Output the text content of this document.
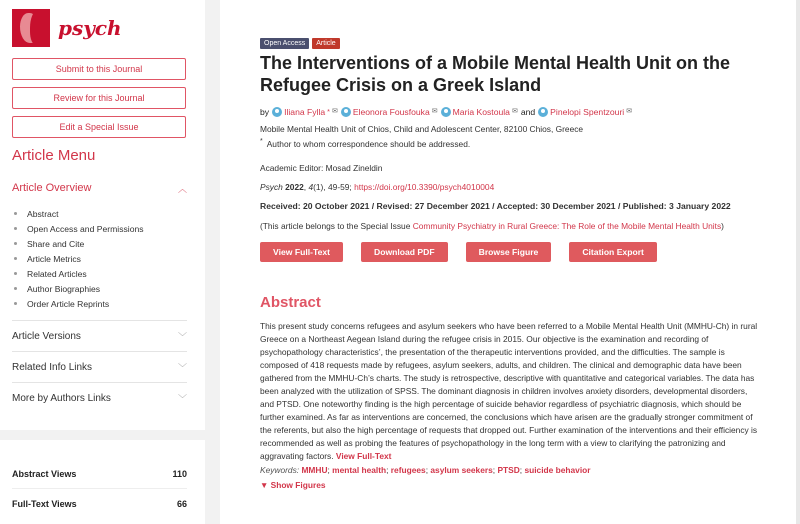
psych
Submit to this Journal
Review for this Journal
Edit a Special Issue
Article Menu
Article Overview	︿
Abstract
Open Access and Permissions
Share and Cite
Article Metrics
Related Articles
Author Biographies
Order Article Reprints
Article Versions	﹀
Related Info Links	﹀
More by Authors Links	﹀
Abstract Views	110
Full-Text Views	66
Open Access	Article
The Interventions of a Mobile Mental Health Unit on the Refugee Crisis on a Greek Island
by Iliana Fylla * ✉ Eleonora Fousfouka ✉ Maria Kostoula ✉ and Pinelopi Spentzouri ✉
Mobile Mental Health Unit of Chios, Child and Adolescent Center, 82100 Chios, Greece
* Author to whom correspondence should be addressed.
Academic Editor: Mosad Zineldin
Psych 2022, 4(1), 49-59; https://doi.org/10.3390/psych4010004
Received: 20 October 2021 / Revised: 27 December 2021 / Accepted: 30 December 2021 / Published: 3 January 2022
(This article belongs to the Special Issue Community Psychiatry in Rural Greece: The Role of the Mobile Mental Health Units)
View Full-Text	Download PDF	Browse Figure	Citation Export
Abstract

This present study concerns refugees and asylum seekers who have been referred to a Mobile Mental Health Unit (MMHU-Ch) in rural Greece on a Northeast Aegean Island during the refugee crisis in 2015. Our objective is the examination and recording of psychopathology characteristics’, the presentation of the therapeutic interventions provided, and the difficulties. The sample is composed of 418 requests made by refugees, asylum seekers, adults, and children. The clinical and demographic data have been gathered from the MMHU-Ch’s charts. The study is retrospective, descriptive with quantitative and categorical variables. The data has been analyzed with the utilization of SPSS. The dominant diagnosis in children involves anxiety disorders, developmental disorders, and PTSD. One noteworthy finding is the high percentage of suicide behavior regardless of psychiatric diagnosis, which should be further examined. As far as interventions are concerned, the conclusions which have arisen are the gradually stronger commitment of the referents, but also the high percentage of requests that dropped out. Further examination of the interventions and their efficiency is recommended as well as probing the features of psychopathology in the long term with a view to clarifying the patronizing and aggravating factors. View Full-Text

Keywords: MMHU; mental health; refugees; asylum seekers; PTSD; suicide behavior
▼ Show Figures
